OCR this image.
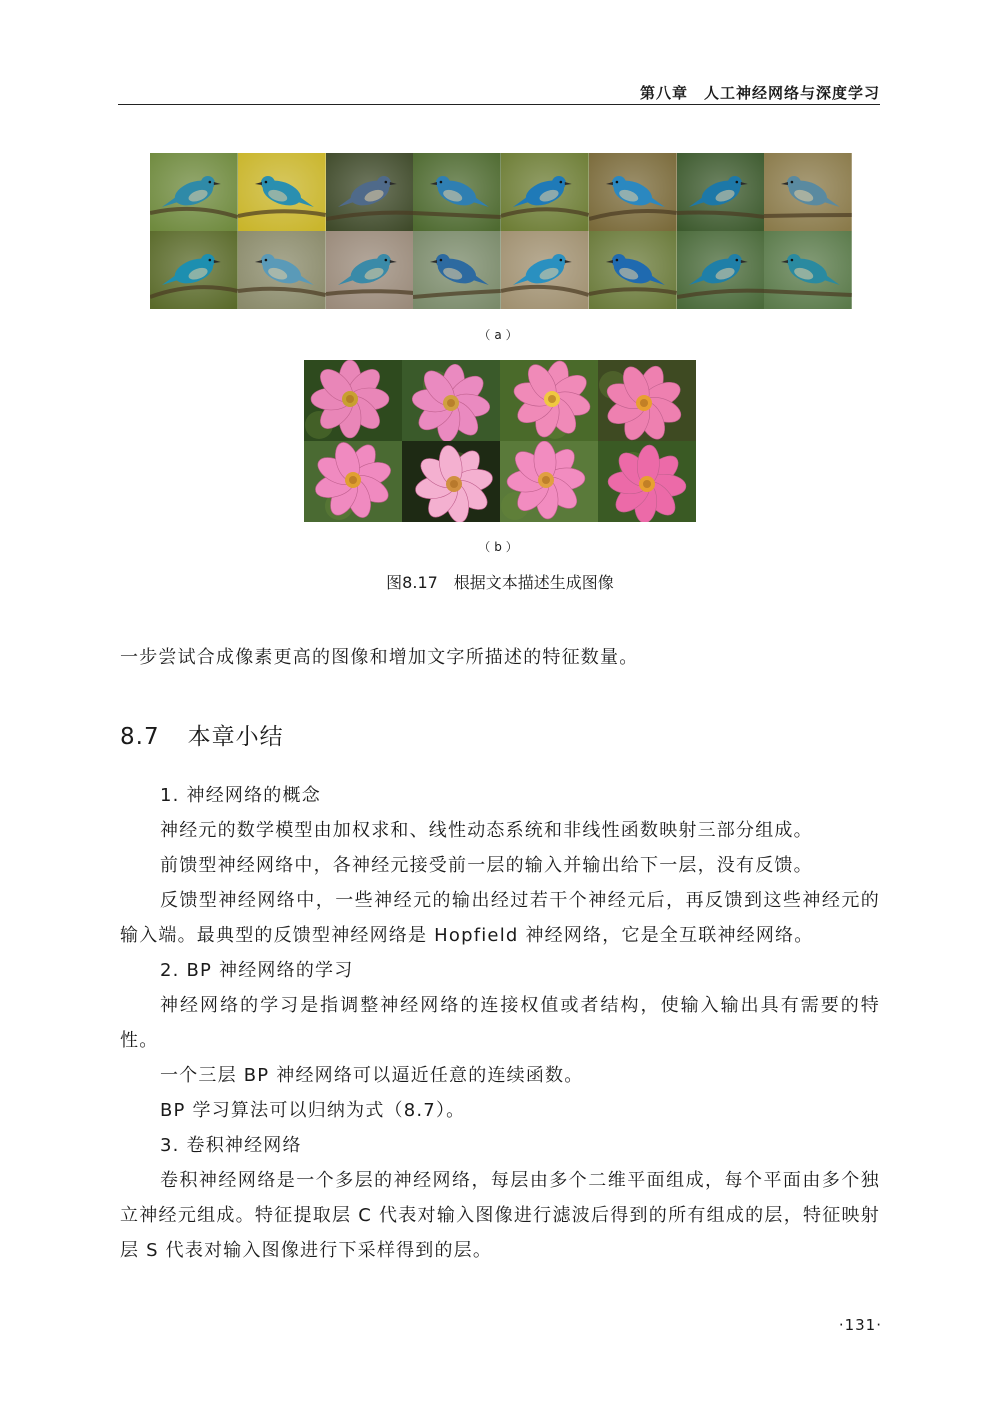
第八章　人工神经网络与深度学习
（a）
（b）
图8.17　根据文本描述生成图像
一步尝试合成像素更高的图像和增加文字所描述的特征数量。
8.7 本章小结
1. 神经网络的概念
神经元的数学模型由加权求和、线性动态系统和非线性函数映射三部分组成。
前馈型神经网络中，各神经元接受前一层的输入并输出给下一层，没有反馈。
反馈型神经网络中，一些神经元的输出经过若干个神经元后，再反馈到这些神经元的输入端。最典型的反馈型神经网络是 Hopfield 神经网络，它是全互联神经网络。
2. BP 神经网络的学习
神经网络的学习是指调整神经网络的连接权值或者结构，使输入输出具有需要的特性。
一个三层 BP 神经网络可以逼近任意的连续函数。
BP 学习算法可以归纳为式（8.7）。
3. 卷积神经网络
卷积神经网络是一个多层的神经网络，每层由多个二维平面组成，每个平面由多个独立神经元组成。特征提取层 C 代表对输入图像进行滤波后得到的所有组成的层，特征映射层 S 代表对输入图像进行下采样得到的层。
·131·
